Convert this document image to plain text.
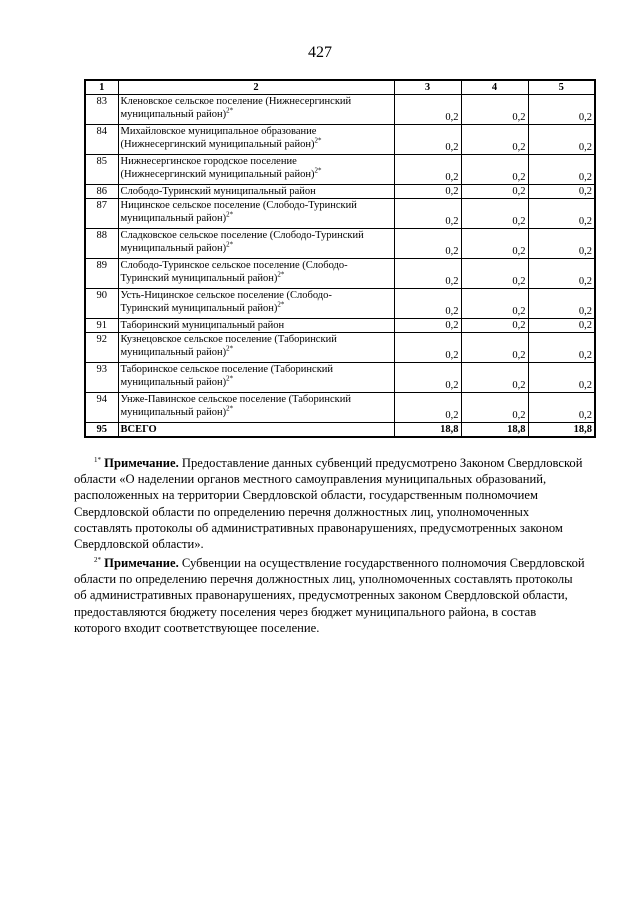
427
1	2	3	4	5
83	Кленовское сельское поселение (Нижнесергинский
муниципальный район)$^{2*}$	0,2	0,2	0,2
84	Михайловское муниципальное образование
(Нижнесергинский муниципальный район)$^{2*}$	0,2	0,2	0,2
85	Нижнесергинское городское поселение
(Нижнесергинский муниципальный район)$^{2*}$	0,2	0,2	0,2
86	Слободо-Туринский муниципальный район	0,2	0,2	0,2
87	Ницинское сельское поселение (Слободо-Туринский
муниципальный район)$^{2*}$	0,2	0,2	0,2
88	Сладковское сельское поселение (Слободо-Туринский
муниципальный район)$^{2*}$	0,2	0,2	0,2
89	Слободо-Туринское сельское поселение (Слободо-
Туринский муниципальный район)$^{2*}$	0,2	0,2	0,2
90	Усть-Ницинское сельское поселение (Слободо-
Туринский муниципальный район)$^{2*}$	0,2	0,2	0,2
91	Таборинский муниципальный район	0,2	0,2	0,2
92	Кузнецовское сельское поселение (Таборинский
муниципальный район)$^{2*}$	0,2	0,2	0,2
93	Таборинское сельское поселение (Таборинский
муниципальный район)$^{2*}$	0,2	0,2	0,2
94	Унже-Павинское сельское поселение (Таборинский
муниципальный район)$^{2*}$	0,2	0,2	0,2
95	ВСЕГО	18,8	18,8	18,8
$^{1*}$ Примечание. Предоставление данных субвенций предусмотрено Законом Свердловской области «О наделении органов местного самоуправления муниципальных образований, расположенных на территории Свердловской области, государственным полномочием Свердловской области по определению перечня должностных лиц, уполномоченных составлять протоколы об административных правонарушениях, предусмотренных законом Свердловской области».
$^{2*}$ Примечание. Субвенции на осуществление государственного полномочия Свердловской области по определению перечня должностных лиц, уполномоченных составлять протоколы об административных правонарушениях, предусмотренных законом Свердловской области, предоставляются бюджету поселения через бюджет муниципального района, в состав которого входит соответствующее поселение.
